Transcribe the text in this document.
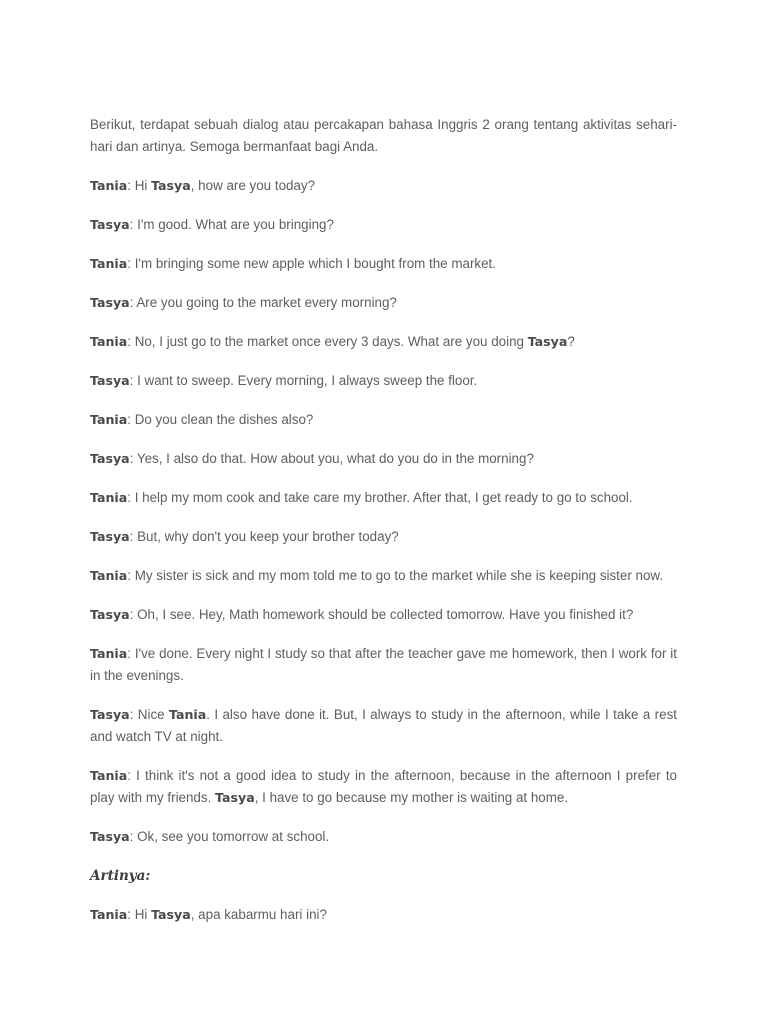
Berikut, terdapat sebuah dialog atau percakapan bahasa Inggris 2 orang tentang aktivitas sehari-hari dan artinya. Semoga bermanfaat bagi Anda.

Tania: Hi Tasya, how are you today?

Tasya: I'm good. What are you bringing?

Tania: I'm bringing some new apple which I bought from the market.

Tasya: Are you going to the market every morning?

Tania: No, I just go to the market once every 3 days. What are you doing Tasya?

Tasya: I want to sweep. Every morning, I always sweep the floor.

Tania: Do you clean the dishes also?

Tasya: Yes, I also do that. How about you, what do you do in the morning?

Tania: I help my mom cook and take care my brother. After that, I get ready to go to school.

Tasya: But, why don't you keep your brother today?

Tania: My sister is sick and my mom told me to go to the market while she is keeping sister now.

Tasya: Oh, I see. Hey, Math homework should be collected tomorrow. Have you finished it?

Tania: I've done. Every night I study so that after the teacher gave me homework, then I work for it in the evenings.

Tasya: Nice Tania. I also have done it. But, I always to study in the afternoon, while I take a rest and watch TV at night.

Tania: I think it's not a good idea to study in the afternoon, because in the afternoon I prefer to play with my friends. Tasya, I have to go because my mother is waiting at home.

Tasya: Ok, see you tomorrow at school.

Artinya:

Tania: Hi Tasya, apa kabarmu hari ini?
